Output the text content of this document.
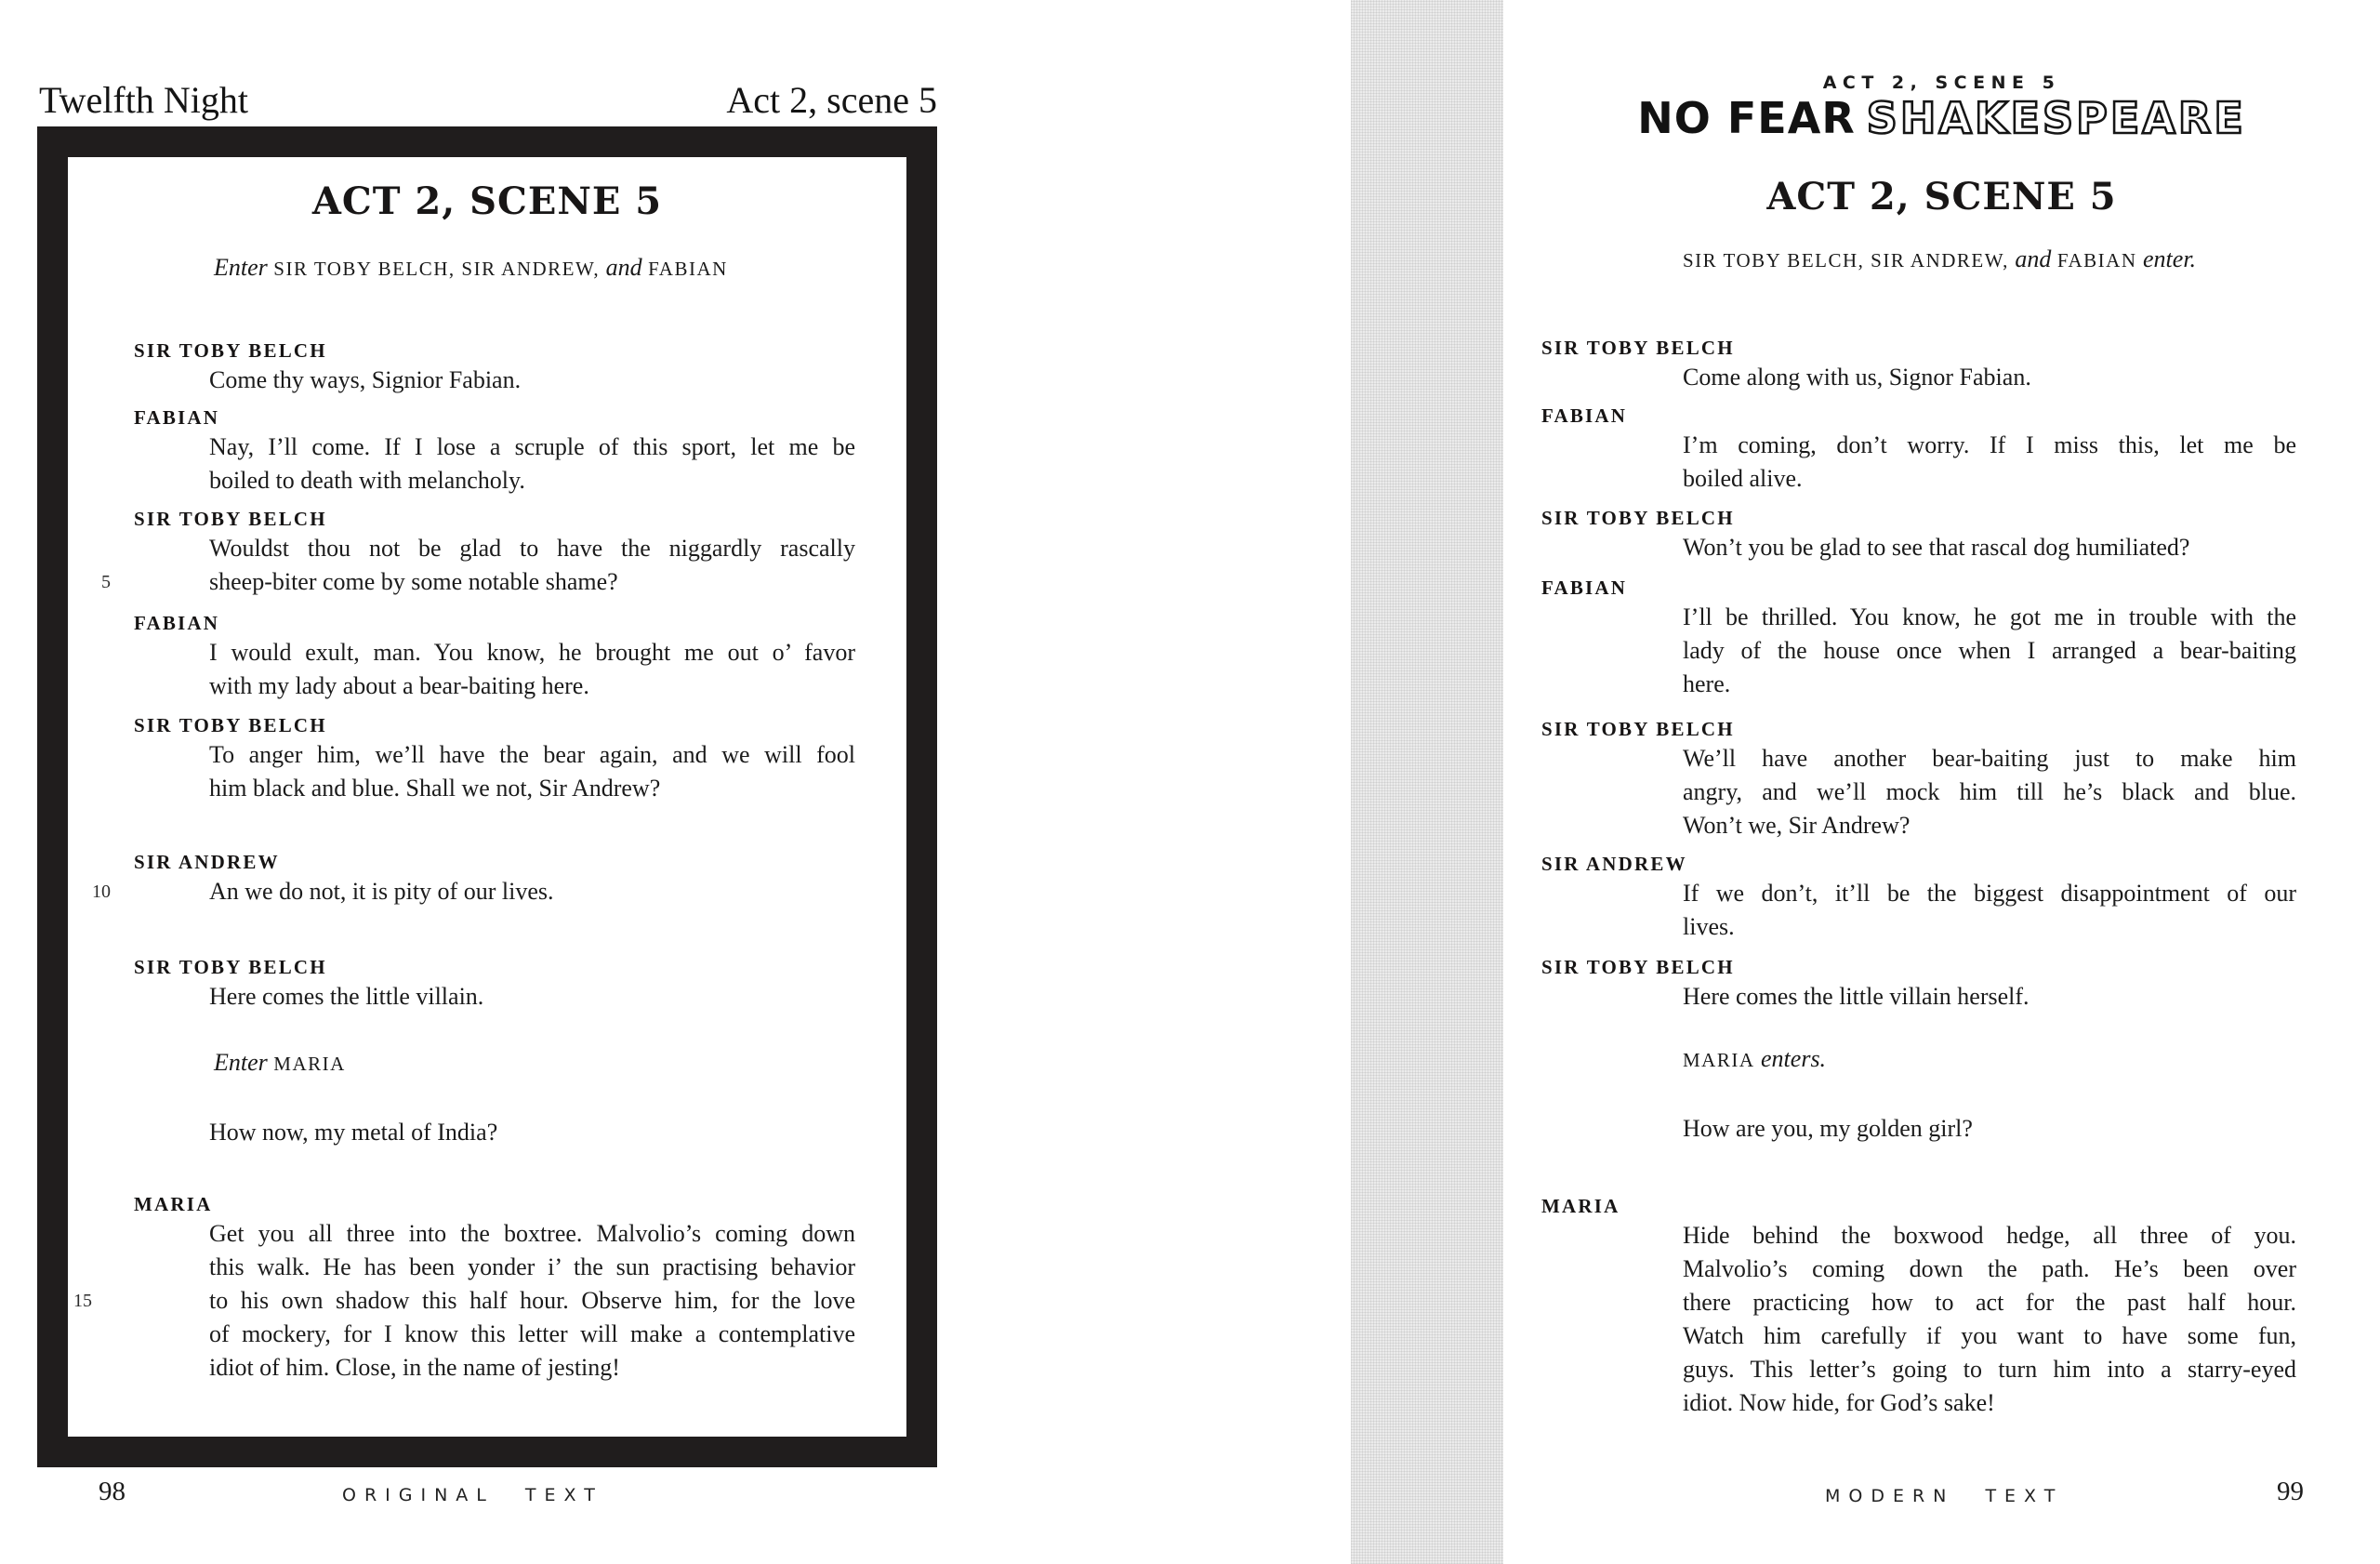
Twelfth Night	Act 2, scene 5
ACT 2, SCENE 5
Enter SIR TOBY BELCH, SIR ANDREW, and FABIAN
SIR TOBY BELCH
Come thy ways, Signior Fabian.
FABIAN
Nay, I’ll come. If I lose a scruple of this sport, let me be
boiled to death with melancholy.
SIR TOBY BELCH
Wouldst thou not be glad to have the niggardly rascally
5	sheep-biter come by some notable shame?
FABIAN
I would exult, man. You know, he brought me out o’ favor
with my lady about a bear-baiting here.
SIR TOBY BELCH
To anger him, we’ll have the bear again, and we will fool
him black and blue. Shall we not, Sir Andrew?
SIR ANDREW
10	An we do not, it is pity of our lives.
SIR TOBY BELCH
Here comes the little villain.
Enter MARIA
How now, my metal of India?
MARIA
Get you all three into the boxtree. Malvolio’s coming down
this walk. He has been yonder i’ the sun practising behavior
15	to his own shadow this half hour. Observe him, for the love
of mockery, for I know this letter will make a contemplative
idiot of him. Close, in the name of jesting!
98	ORIGINAL TEXT
ACT 2, SCENE 5
NO FEAR SHAKESPEARE
ACT 2, SCENE 5
SIR TOBY BELCH, SIR ANDREW, and FABIAN enter.
SIR TOBY BELCH
Come along with us, Signor Fabian.
FABIAN
I’m coming, don’t worry. If I miss this, let me be
boiled alive.
SIR TOBY BELCH
Won’t you be glad to see that rascal dog humiliated?
FABIAN
I’ll be thrilled. You know, he got me in trouble with the
lady of the house once when I arranged a bear-baiting
here.
SIR TOBY BELCH
We’ll have another bear-baiting just to make him
angry, and we’ll mock him till he’s black and blue.
Won’t we, Sir Andrew?
SIR ANDREW
If we don’t, it’ll be the biggest disappointment of our
lives.
SIR TOBY BELCH
Here comes the little villain herself.
MARIA enters.
How are you, my golden girl?
MARIA
Hide behind the boxwood hedge, all three of you.
Malvolio’s coming down the path. He’s been over
there practicing how to act for the past half hour.
Watch him carefully if you want to have some fun,
guys. This letter’s going to turn him into a starry-eyed
idiot. Now hide, for God’s sake!
MODERN TEXT	99
